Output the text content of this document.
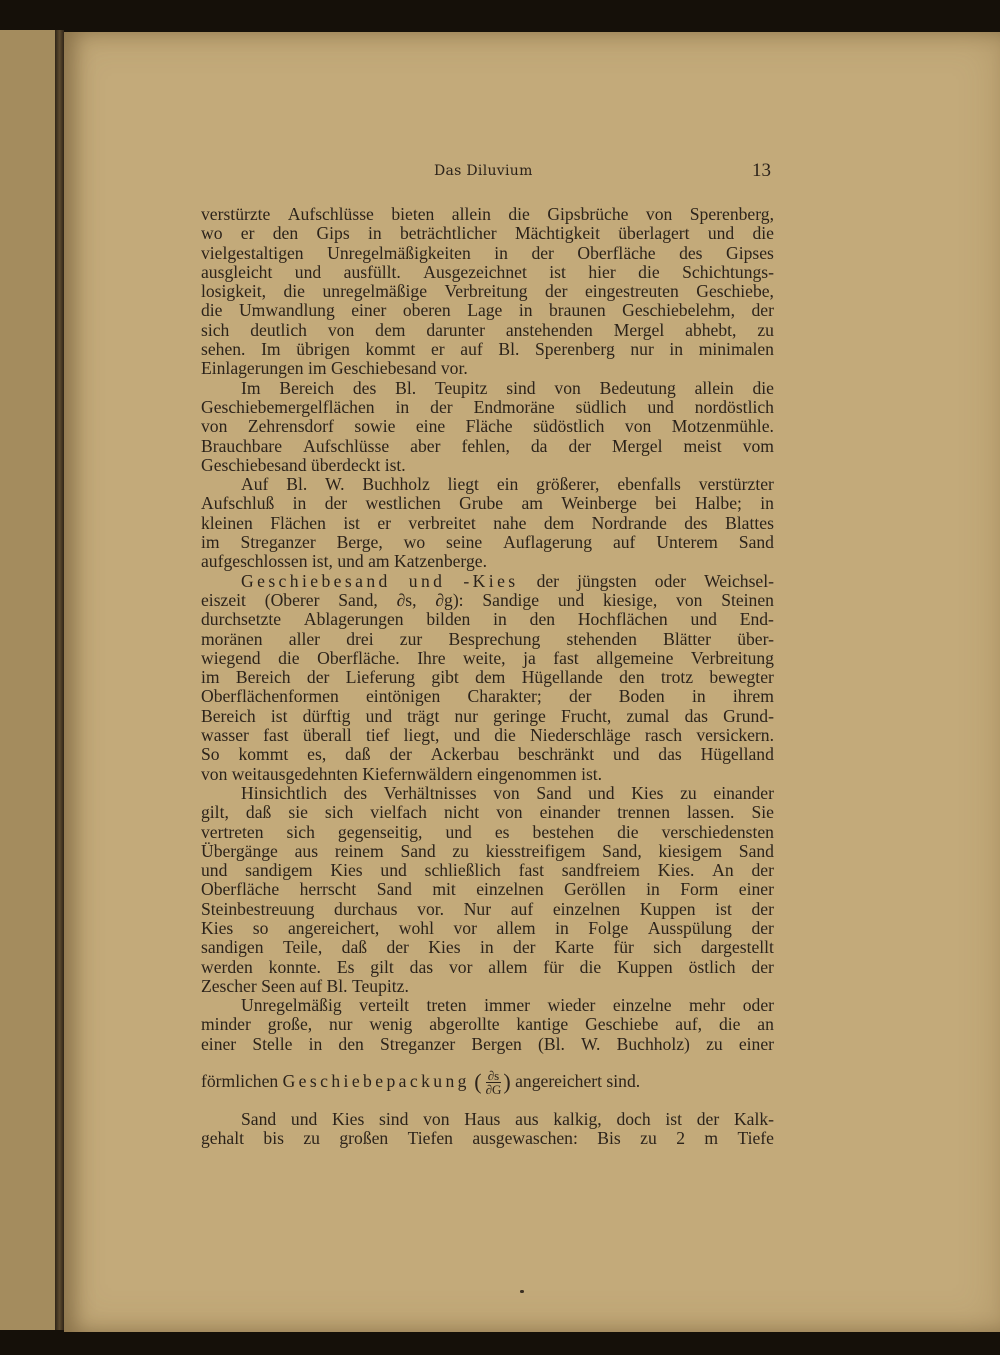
Das Diluvium	13
verstürzte Aufschlüsse bieten allein die Gipsbrüche von Sperenberg,
wo er den Gips in beträchtlicher Mächtigkeit überlagert und die
vielgestaltigen Unregelmäßigkeiten in der Oberfläche des Gipses
ausgleicht und ausfüllt. Ausgezeichnet ist hier die Schichtungs-
losigkeit, die unregelmäßige Verbreitung der eingestreuten Geschiebe,
die Umwandlung einer oberen Lage in braunen Geschiebelehm, der
sich deutlich von dem darunter anstehenden Mergel abhebt, zu
sehen. Im übrigen kommt er auf Bl. Sperenberg nur in minimalen
Einlagerungen im Geschiebesand vor.
Im Bereich des Bl. Teupitz sind von Bedeutung allein die
Geschiebemergelflächen in der Endmoräne südlich und nordöstlich
von Zehrensdorf sowie eine Fläche südöstlich von Motzenmühle.
Brauchbare Aufschlüsse aber fehlen, da der Mergel meist vom
Geschiebesand überdeckt ist.
Auf Bl. W. Buchholz liegt ein größerer, ebenfalls verstürzter
Aufschluß in der westlichen Grube am Weinberge bei Halbe; in
kleinen Flächen ist er verbreitet nahe dem Nordrande des Blattes
im Streganzer Berge, wo seine Auflagerung auf Unterem Sand
aufgeschlossen ist, und am Katzenberge.
Geschiebesand und -Kies der jüngsten oder Weichsel-
eiszeit (Oberer Sand, ∂s, ∂g): Sandige und kiesige, von Steinen
durchsetzte Ablagerungen bilden in den Hochflächen und End-
moränen aller drei zur Besprechung stehenden Blätter über-
wiegend die Oberfläche. Ihre weite, ja fast allgemeine Verbreitung
im Bereich der Lieferung gibt dem Hügellande den trotz bewegter
Oberflächenformen eintönigen Charakter; der Boden in ihrem
Bereich ist dürftig und trägt nur geringe Frucht, zumal das Grund-
wasser fast überall tief liegt, und die Niederschläge rasch versickern.
So kommt es, daß der Ackerbau beschränkt und das Hügelland
von weitausgedehnten Kiefernwäldern eingenommen ist.
Hinsichtlich des Verhältnisses von Sand und Kies zu einander
gilt, daß sie sich vielfach nicht von einander trennen lassen. Sie
vertreten sich gegenseitig, und es bestehen die verschiedensten
Übergänge aus reinem Sand zu kiesstreifigem Sand, kiesigem Sand
und sandigem Kies und schließlich fast sandfreiem Kies. An der
Oberfläche herrscht Sand mit einzelnen Geröllen in Form einer
Steinbestreuung durchaus vor. Nur auf einzelnen Kuppen ist der
Kies so angereichert, wohl vor allem in Folge Ausspülung der
sandigen Teile, daß der Kies in der Karte für sich dargestellt
werden konnte. Es gilt das vor allem für die Kuppen östlich der
Zescher Seen auf Bl. Teupitz.
Unregelmäßig verteilt treten immer wieder einzelne mehr oder
minder große, nur wenig abgerollte kantige Geschiebe auf, die an
einer Stelle in den Streganzer Bergen (Bl. W. Buchholz) zu einer
förmlichen Geschiebepackung ( $\frac{\partial s}{\partial G}$ ) angereichert sind.
Sand und Kies sind von Haus aus kalkig, doch ist der Kalk-
gehalt bis zu großen Tiefen ausgewaschen: Bis zu 2 m Tiefe
